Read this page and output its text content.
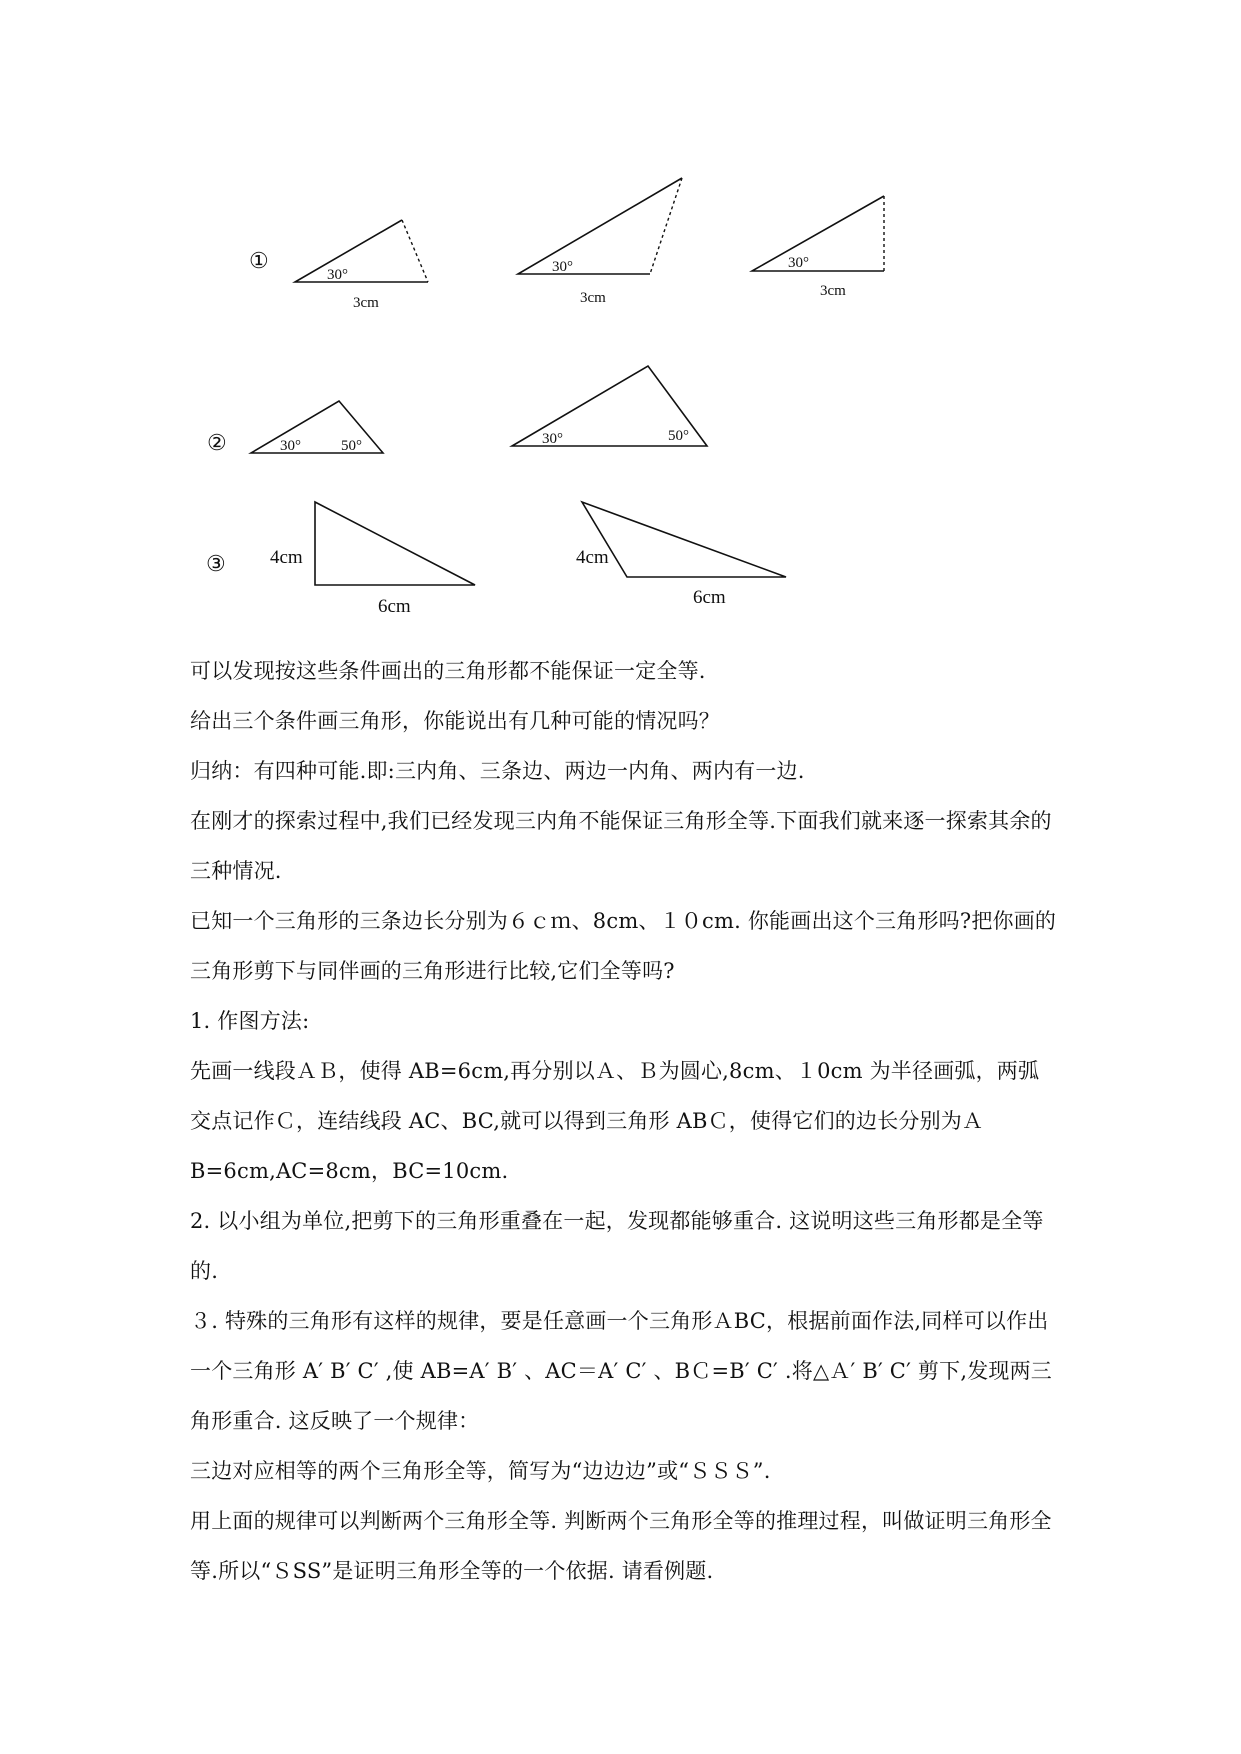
①
30°
3cm
30°
3cm
30°
3cm
②	30°	50°	30°	50°
③ 4cm
6cm
4cm
6cm

可以发现按这些条件画出的三角形都不能保证一定全等.

给出三个条件画三角形，你能说出有几种可能的情况吗？

归纳：有四种可能.即:三内角、三条边、两边一内角、两内有一边.

在刚才的探索过程中,我们已经发现三内角不能保证三角形全等.下面我们就来逐一探索其余的三种情况.

已知一个三角形的三条边长分别为６ｃｍ、8cm、１０cm. 你能画出这个三角形吗?把你画的三角形剪下与同伴画的三角形进行比较,它们全等吗?

1. 作图方法:

先画一线段ＡＢ，使得 AB=6cm,再分别以Ａ、Ｂ为圆心,8cm、１0cm 为半径画弧，两弧交点记作Ｃ，连结线段 AC、BC,就可以得到三角形 ABＣ，使得它们的边长分别为ＡB=6cm,AC=8cm，BC=10cm.

2. 以小组为单位,把剪下的三角形重叠在一起，发现都能够重合. 这说明这些三角形都是全等的.

３. 特殊的三角形有这样的规律，要是任意画一个三角形ＡBC，根据前面作法,同样可以作出一个三角形 A′ B′ C′ ,使 AB=A′ B′ 、AC＝A′ C′ 、BＣ=B′ C′ .将△Ａ′ B′ C′ 剪下,发现两三角形重合. 这反映了一个规律：

三边对应相等的两个三角形全等，简写为“边边边”或“ＳＳＳ”.

用上面的规律可以判断两个三角形全等. 判断两个三角形全等的推理过程，叫做证明三角形全等.所以“ＳSS”是证明三角形全等的一个依据. 请看例题.
